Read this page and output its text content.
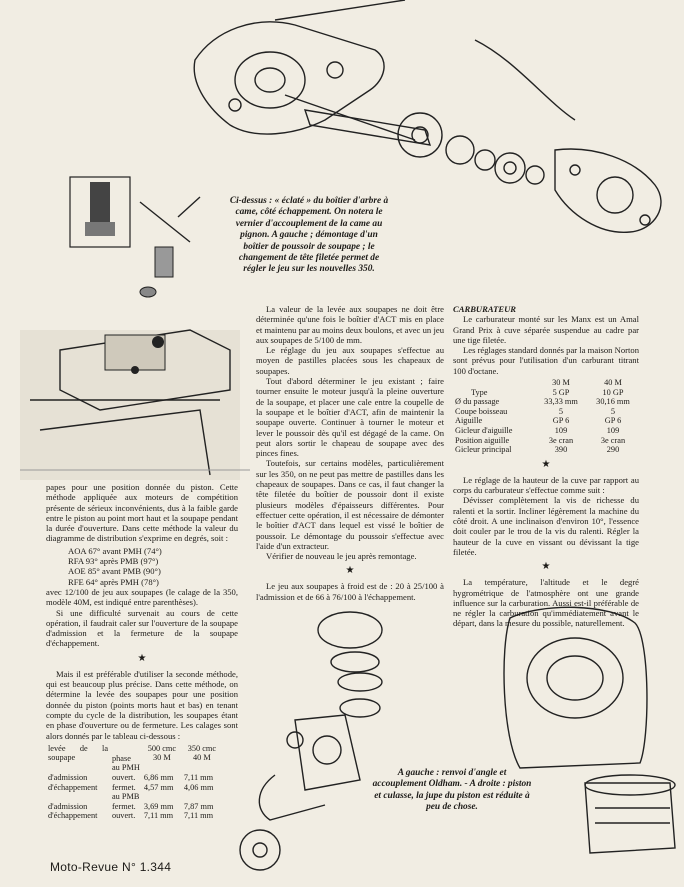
Ci-dessus : « éclaté » du boîtier d'arbre à came, côté échappement. On notera le vernier d'accouplement de la came au pignon. A gauche ; démontage d'un boîtier de poussoir de soupape ; le changement de tête filetée permet de régler le jeu sur les nouvelles 350.

papes pour une position donnée du piston. Cette méthode appliquée aux moteurs de compétition présente de sérieux inconvénients, dus à la faible garde entre le piston au point mort haut et la soupape pendant la durée d'ouverture. Dans cette méthode la valeur du diagramme de distribution s'exprime en degrés, soit :

AOA 67° avant PMH (74°)
RFA 93° après PMB (97°)
AOE 85° avant PMB (90°)
RFE 64° après PMH (78°)

avec 12/100 de jeu aux soupapes (le calage de la 350, modèle 40M, est indiqué entre parenthèses).

Si une difficulté survenait au cours de cette opération, il faudrait caler sur l'ouverture de la soupape d'admission et la fermeture de la soupape d'échappement.

★

Mais il est préférable d'utiliser la seconde méthode, qui est beaucoup plus précise. Dans cette méthode, on détermine la levée des soupapes pour une position donnée du piston (points morts haut et bas) en tenant compte du cycle de la distribution, les soupapes étant en phase d'ouverture ou de fermeture. Les calages sont alors donnés par le tableau ci-dessous :

levée de la soupape	phase	500 cmc 30 M	350 cmc 40 M
	au PMH		
d'admission	ouvert.	6,86 mm	7,11 mm
d'échappement	fermet.	4,57 mm	4,06 mm
	au PMB		
d'admission	fermet.	3,69 mm	7,87 mm
d'échappement	ouvert.	7,11 mm	7,11 mm

La valeur de la levée aux soupapes ne doit être déterminée qu'une fois le boîtier d'ACT mis en place et maintenu par au moins deux boulons, et avec un jeu aux soupapes de 5/100 de mm.

Le réglage du jeu aux soupapes s'effectue au moyen de pastilles placées sous les chapeaux de soupapes.

Tout d'abord déterminer le jeu existant ; faire tourner ensuite le moteur jusqu'à la pleine ouverture de la soupape, et placer une cale entre la coupelle de la soupape et le boîtier d'ACT, afin de maintenir la soupape ouverte. Continuer à tourner le moteur et lever le poussoir dès qu'il est dégagé de la came. On peut alors sortir le chapeau de soupape avec des pinces fines.

Toutefois, sur certains modèles, particulièrement sur les 350, on ne peut pas mettre de pastilles dans les chapeaux de soupapes. Dans ce cas, il faut changer la tête filetée du boîtier de poussoir dont il existe plusieurs modèles d'épaisseurs différentes. Pour effectuer cette opération, il est nécessaire de démonter le boîtier d'ACT dans lequel est vissé le boîtier de poussoir. Le démontage du poussoir s'effectue avec l'aide d'un extracteur.

Vérifier de nouveau le jeu après remontage.

★

Le jeu aux soupapes à froid est de : 20 à 25/100 à l'admission et de 66 à 76/100 à l'échappement.

CARBURATEUR

Le carburateur monté sur les Manx est un Amal Grand Prix à cuve séparée suspendue au cadre par une tige filetée.

Les réglages standard donnés par la maison Norton sont prévus pour l'utilisation d'un carburant titrant 100 d'octane.

	30 M	40 M
Type	5 GP	10 GP
Ø du passage	33,33 mm	30,16 mm
Coupe boisseau	5	5
Aiguille	GP 6	GP 6
Gicleur d'aiguille	109	109
Position aiguille	3e cran	3e cran
Gicleur principal	390	290
★

Le réglage de la hauteur de la cuve par rapport au corps du carburateur s'effectue comme suit :

Dévisser complètement la vis de richesse du ralenti et la sortir. Incliner légèrement la machine du côté droit. A une inclinaison d'environ 10°, l'essence doit couler par le trou de la vis du ralenti. Régler la hauteur de la cuve en vissant ou dévissant la tige filetée.

★

La température, l'altitude et le degré hygrométrique de l'atmosphère ont une grande influence sur la carburation. Aussi est-il préférable de ne régler la carburation qu'immédiatement avant le départ, dans la mesure du possible, naturellement.

A gauche : renvoi d'angle et accouplement Oldham. - A droite : piston et culasse, la jupe du piston est réduite à peu de chose.
Moto-Revue N° 1.344
